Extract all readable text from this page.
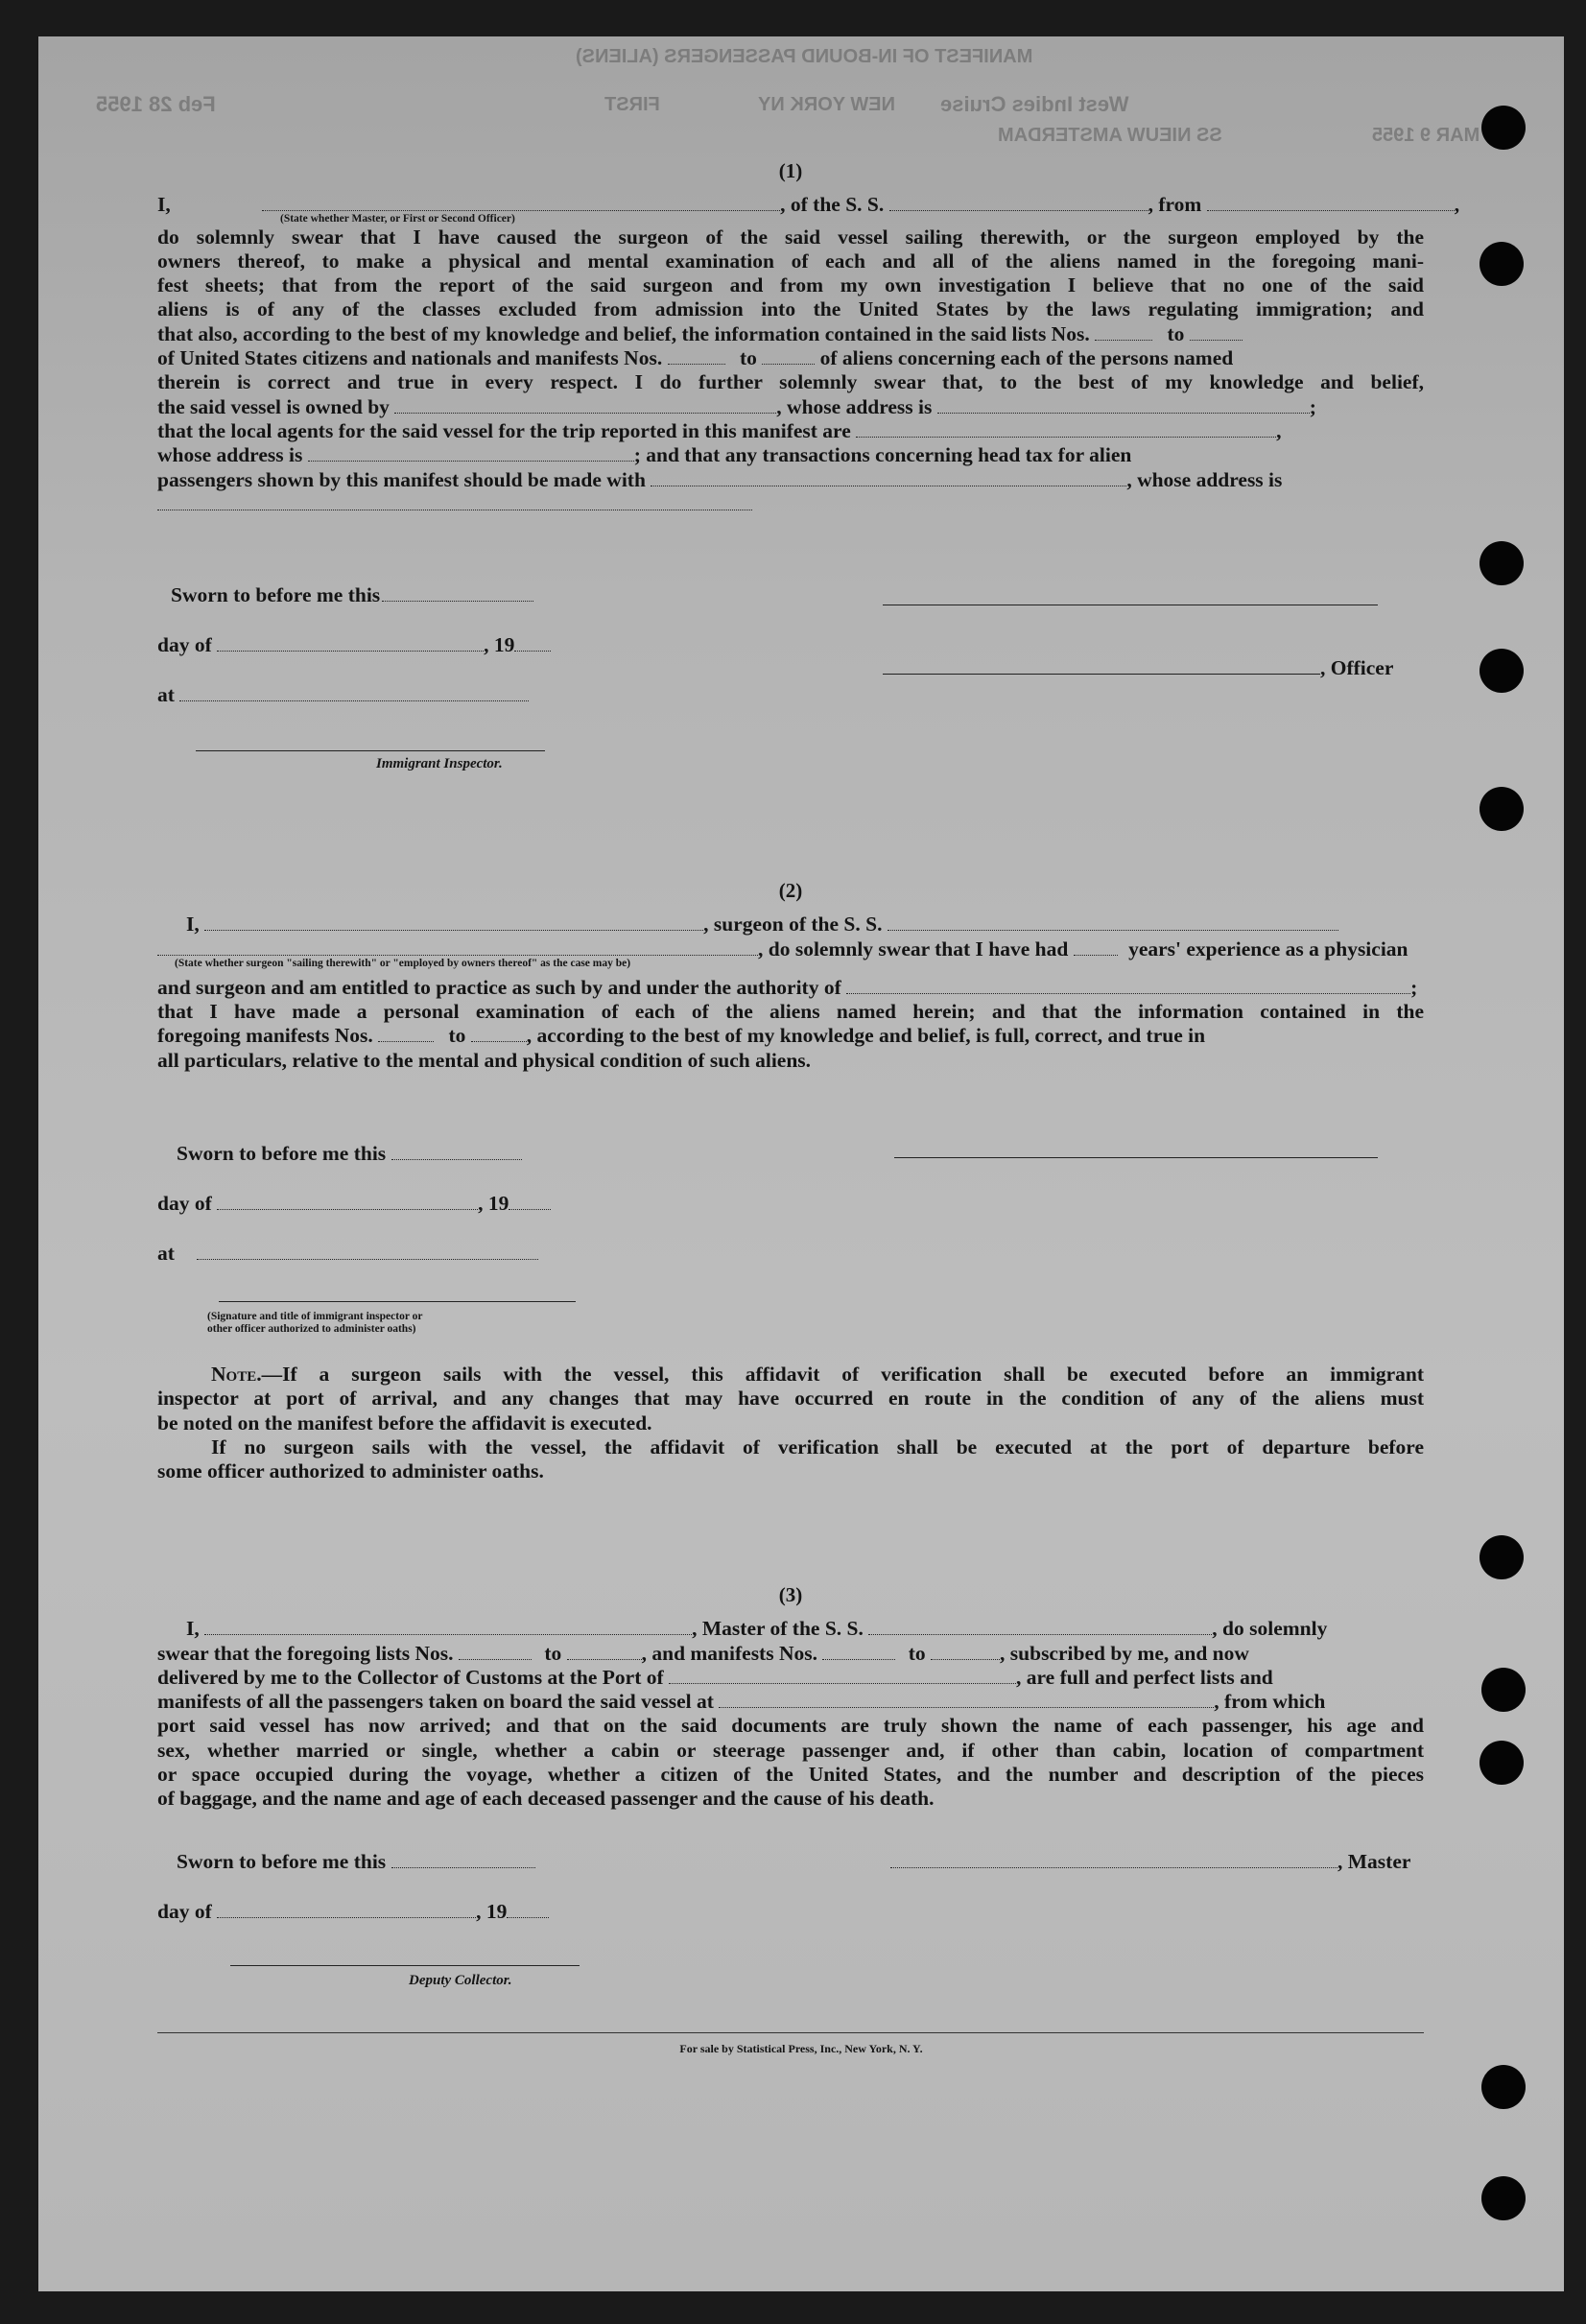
MANIFEST OF IN-BOUND PASSENGERS (ALIENS)
NEW YORK NY
FIRST	West Indies Cruise
Feb 28 1955
SS NIEUW AMSTERDAM	MAR 9 1955

(1)

I,	, of the S. S.	, from	,
(State whether Master, or First or Second Officer)
do solemnly swear that I have caused the surgeon of the said vessel sailing therewith, or the surgeon employed by the
owners thereof, to make a physical and mental examination of each and all of the aliens named in the foregoing mani-
fest sheets; that from the report of the said surgeon and from my own investigation I believe that no one of the said
aliens is of any of the classes excluded from admission into the United States by the laws regulating immigration; and
that also, according to the best of my knowledge and belief, the information contained in the said lists Nos.	to
of United States citizens and nationals and manifests Nos.	to	of aliens concerning each of the persons named
therein is correct and true in every respect. I do further solemnly swear that, to the best of my knowledge and belief,
the said vessel is owned by	, whose address is	;
that the local agents for the said vessel for the trip reported in this manifest are	,
whose address is	; and that any transactions concerning head tax for alien
passengers shown by this manifest should be made with	, whose address is
Sworn to before me this
day of	, 19
, Officer
at
Immigrant Inspector.

(2)

I,	, surgeon of the S. S.
, do solemnly swear that I have had	years' experience as a physician
(State whether surgeon "sailing therewith" or "employed by owners thereof" as the case may be)
and surgeon and am entitled to practice as such by and under the authority of	;
that I have made a personal examination of each of the aliens named herein; and that the information contained in the
foregoing manifests Nos.	to	, according to the best of my knowledge and belief, is full, correct, and true in
all particulars, relative to the mental and physical condition of such aliens.
Sworn to before me this
day of	, 19
at
(Signature and title of immigrant inspector or
other officer authorized to administer oaths)
Note.—If a surgeon sails with the vessel, this affidavit of verification shall be executed before an immigrant
inspector at port of arrival, and any changes that may have occurred en route in the condition of any of the aliens must
be noted on the manifest before the affidavit is executed.
If no surgeon sails with the vessel, the affidavit of verification shall be executed at the port of departure before
some officer authorized to administer oaths.

(3)

I,	, Master of the S. S.	, do solemnly
swear that the foregoing lists Nos.	to	, and manifests Nos.	to	, subscribed by me, and now
delivered by me to the Collector of Customs at the Port of	, are full and perfect lists and
manifests of all the passengers taken on board the said vessel at	, from which
port said vessel has now arrived; and that on the said documents are truly shown the name of each passenger, his age and
sex, whether married or single, whether a cabin or steerage passenger and, if other than cabin, location of compartment
or space occupied during the voyage, whether a citizen of the United States, and the number and description of the pieces
of baggage, and the name and age of each deceased passenger and the cause of his death.
Sworn to before me this	, Master
day of	, 19
Deputy Collector.
For sale by Statistical Press, Inc., New York, N. Y.
